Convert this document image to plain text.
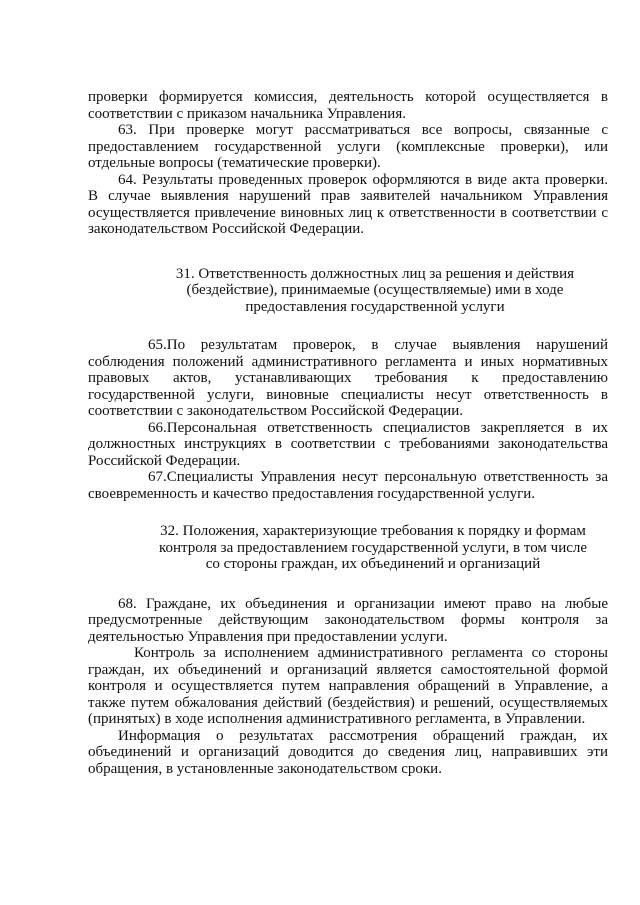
проверки формируется комиссия, деятельность которой осуществляется в соответствии с приказом начальника Управления.

63. При проверке могут рассматриваться все вопросы, связанные с предоставлением государственной услуги (комплексные проверки), или отдельные вопросы (тематические проверки).

64. Результаты проведенных проверок оформляются в виде акта проверки. В случае выявления нарушений прав заявителей начальником Управления осуществляется привлечение виновных лиц к ответственности в соответствии с законодательством Российской Федерации.

31. Ответственность должностных лиц за решения и действия
(бездействие), принимаемые (осуществляемые) ими в ходе
предоставления государственной услуги

65.По результатам проверок, в случае выявления нарушений соблюдения положений административного регламента и иных нормативных правовых актов, устанавливающих требования к предоставлению государственной услуги, виновные специалисты несут ответственность в соответствии с законодательством Российской Федерации.

66.Персональная ответственность специалистов закрепляется в их должностных инструкциях в соответствии с требованиями законодательства Российской Федерации.

67.Специалисты Управления несут персональную ответственность за своевременность и качество предоставления государственной услуги.

32. Положения, характеризующие требования к порядку и формам
контроля за предоставлением государственной услуги, в том числе
со стороны граждан, их объединений и организаций

68. Граждане, их объединения и организации имеют право на любые предусмотренные действующим законодательством формы контроля за деятельностью Управления при предоставлении услуги.

Контроль за исполнением административного регламента со стороны граждан, их объединений и организаций является самостоятельной формой контроля и осуществляется путем направления обращений в Управление, а также путем обжалования действий (бездействия) и решений, осуществляемых (принятых) в ходе исполнения административного регламента, в Управлении.

Информация о результатах рассмотрения обращений граждан, их объединений и организаций доводится до сведения лиц, направивших эти обращения, в установленные законодательством сроки.
